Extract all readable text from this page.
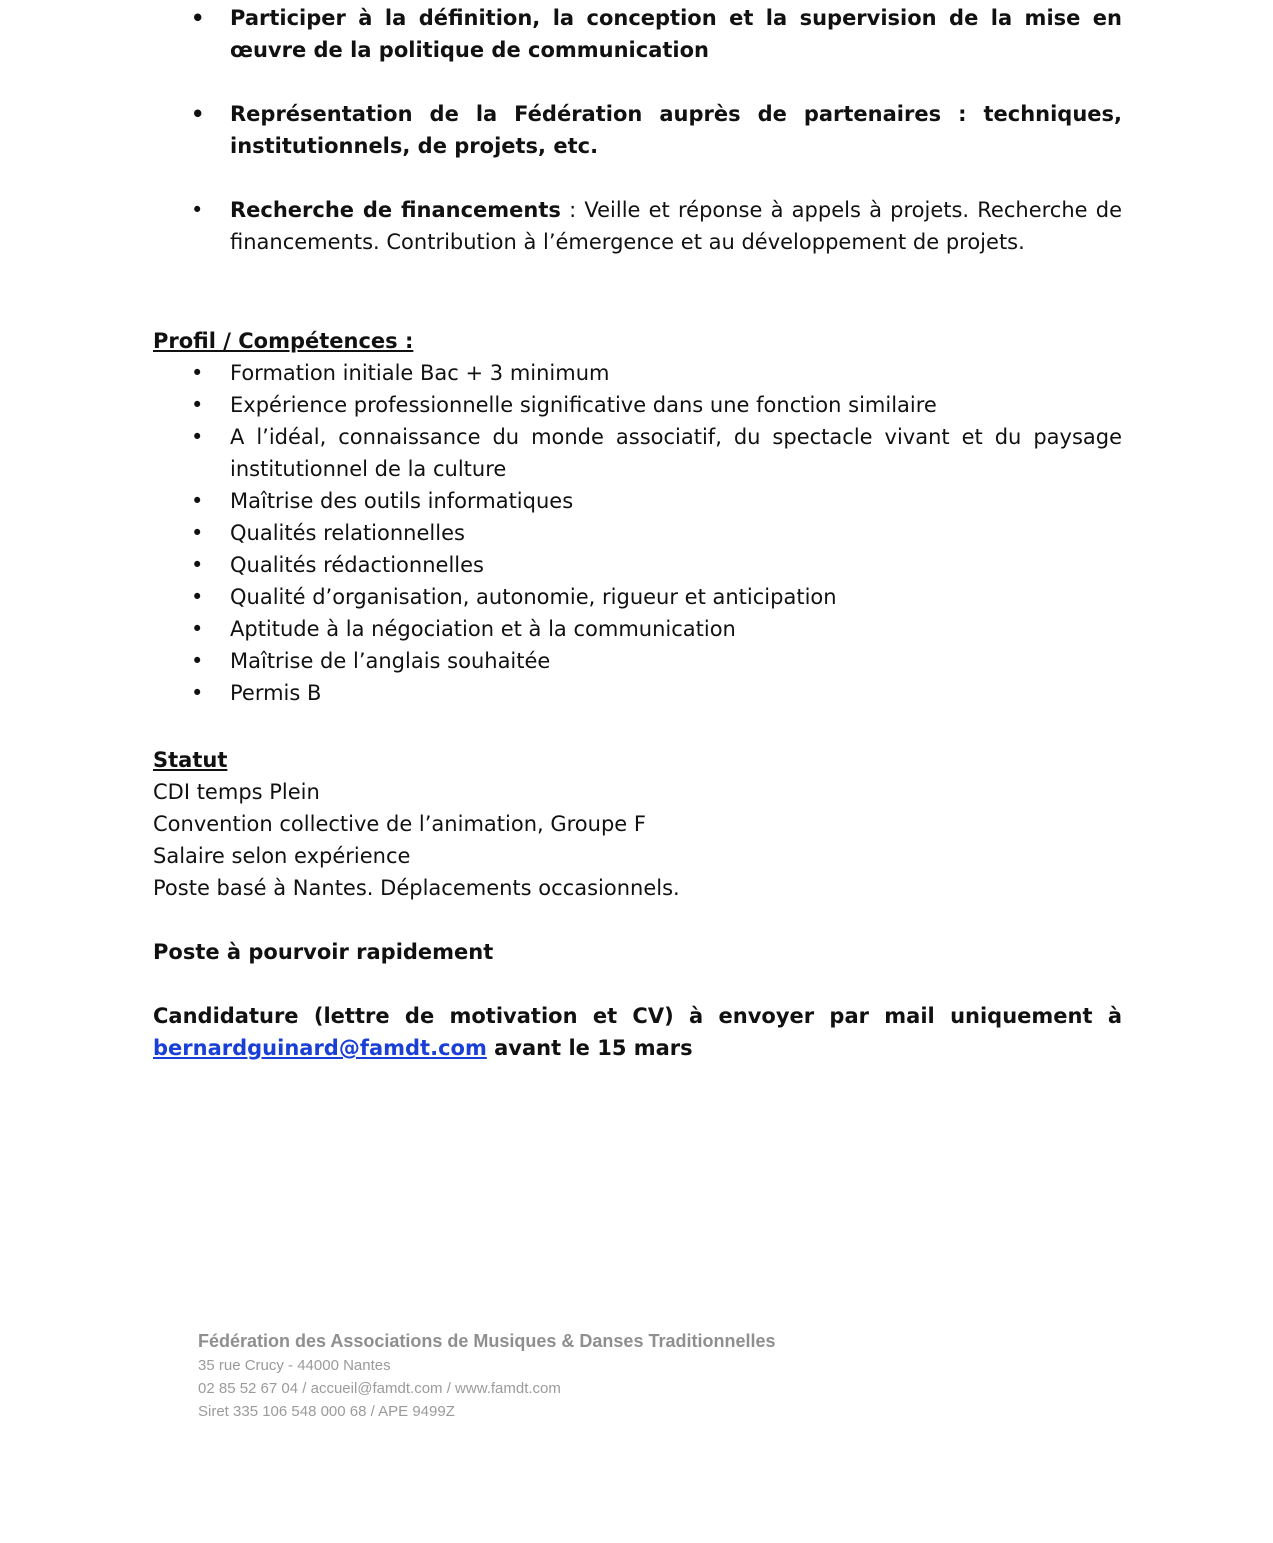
• Participer à la définition, la conception et la supervision de la mise en œuvre de la politique de communication
• Représentation de la Fédération auprès de partenaires : techniques, institutionnels, de projets, etc.
• Recherche de financements : Veille et réponse à appels à projets. Recherche de financements. Contribution à l’émergence et au développement de projets.
Profil / Compétences :
• Formation initiale Bac + 3 minimum
• Expérience professionnelle significative dans une fonction similaire
• A l’idéal, connaissance du monde associatif, du spectacle vivant et du paysage institutionnel de la culture
• Maîtrise des outils informatiques
• Qualités relationnelles
• Qualités rédactionnelles
• Qualité d’organisation, autonomie, rigueur et anticipation
• Aptitude à la négociation et à la communication
• Maîtrise de l’anglais souhaitée
• Permis B
Statut
CDI temps Plein
Convention collective de l’animation, Groupe F
Salaire selon expérience
Poste basé à Nantes. Déplacements occasionnels.
Poste à pourvoir rapidement
Candidature (lettre de motivation et CV) à envoyer par mail uniquement à
bernardguinard@famdt.com avant le 15 mars
Fédération des Associations de Musiques & Danses Traditionnelles
35 rue Crucy - 44000 Nantes
02 85 52 67 04 / accueil@famdt.com / www.famdt.com
Siret 335 106 548 000 68 / APE 9499Z
